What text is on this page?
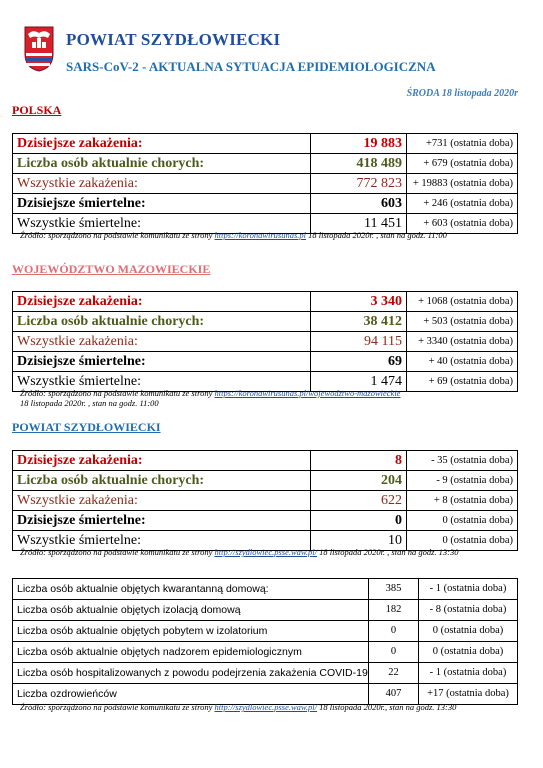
POWIAT SZYDŁOWIECKI
SARS-CoV-2 - AKTUALNA SYTUACJA EPIDEMIOLOGICZNA
ŚRODA 18 listopada 2020r
POLSKA
Dzisiejsze zakażenia:	19 883	+731 (ostatnia doba)
Liczba osób aktualnie chorych:	418 489	+ 679 (ostatnia doba)
Wszystkie zakażenia:	772 823	+ 19883 (ostatnia doba)
Dzisiejsze śmiertelne:	603	+ 246 (ostatnia doba)
Wszystkie śmiertelne:	11 451	+ 603 (ostatnia doba)
Źródło: sporządzono na podstawie komunikatu ze strony https://koronawirusunas.pl 18 listopada 2020r. , stan na godz. 11:00
WOJEWÓDZTWO MAZOWIECKIE
Dzisiejsze zakażenia:	3 340	+ 1068 (ostatnia doba)
Liczba osób aktualnie chorych:	38 412	+ 503 (ostatnia doba)
Wszystkie zakażenia:	94 115	+ 3340 (ostatnia doba)
Dzisiejsze śmiertelne:	69	+ 40 (ostatnia doba)
Wszystkie śmiertelne:	1 474	+ 69 (ostatnia doba)
Źródło: sporządzono na podstawie komunikatu ze strony https://koronawirusunas.pl/wojewodztwo-mazowieckie
18 listopada 2020r. , stan na godz. 11:00
POWIAT SZYDŁOWIECKI
Dzisiejsze zakażenia:	8	- 35 (ostatnia doba)
Liczba osób aktualnie chorych:	204	- 9 (ostatnia doba)
Wszystkie zakażenia:	622	+ 8 (ostatnia doba)
Dzisiejsze śmiertelne:	0	0 (ostatnia doba)
Wszystkie śmiertelne:	10	0 (ostatnia doba)
Źródło: sporządzono na podstawie komunikatu ze strony http://szydlowiec.psse.waw.pl/ 18 listopada 2020r. , stan na godz. 13:30
Liczba osób aktualnie objętych kwarantanną domową:	385	- 1 (ostatnia doba)
Liczba osób aktualnie objętych izolacją domową	182	- 8 (ostatnia doba)
Liczba osób aktualnie objętych pobytem w izolatorium	0	0 (ostatnia doba)
Liczba osób aktualnie objętych nadzorem epidemiologicznym	0	0 (ostatnia doba)
Liczba osób hospitalizowanych z powodu podejrzenia zakażenia COVID-19	22	- 1 (ostatnia doba)
Liczba ozdrowieńców	407	+17 (ostatnia doba)
Źródło: sporządzono na podstawie komunikatu ze strony http://szydlowiec.psse.waw.pl/ 18 listopada 2020r., stan na godz. 13:30
